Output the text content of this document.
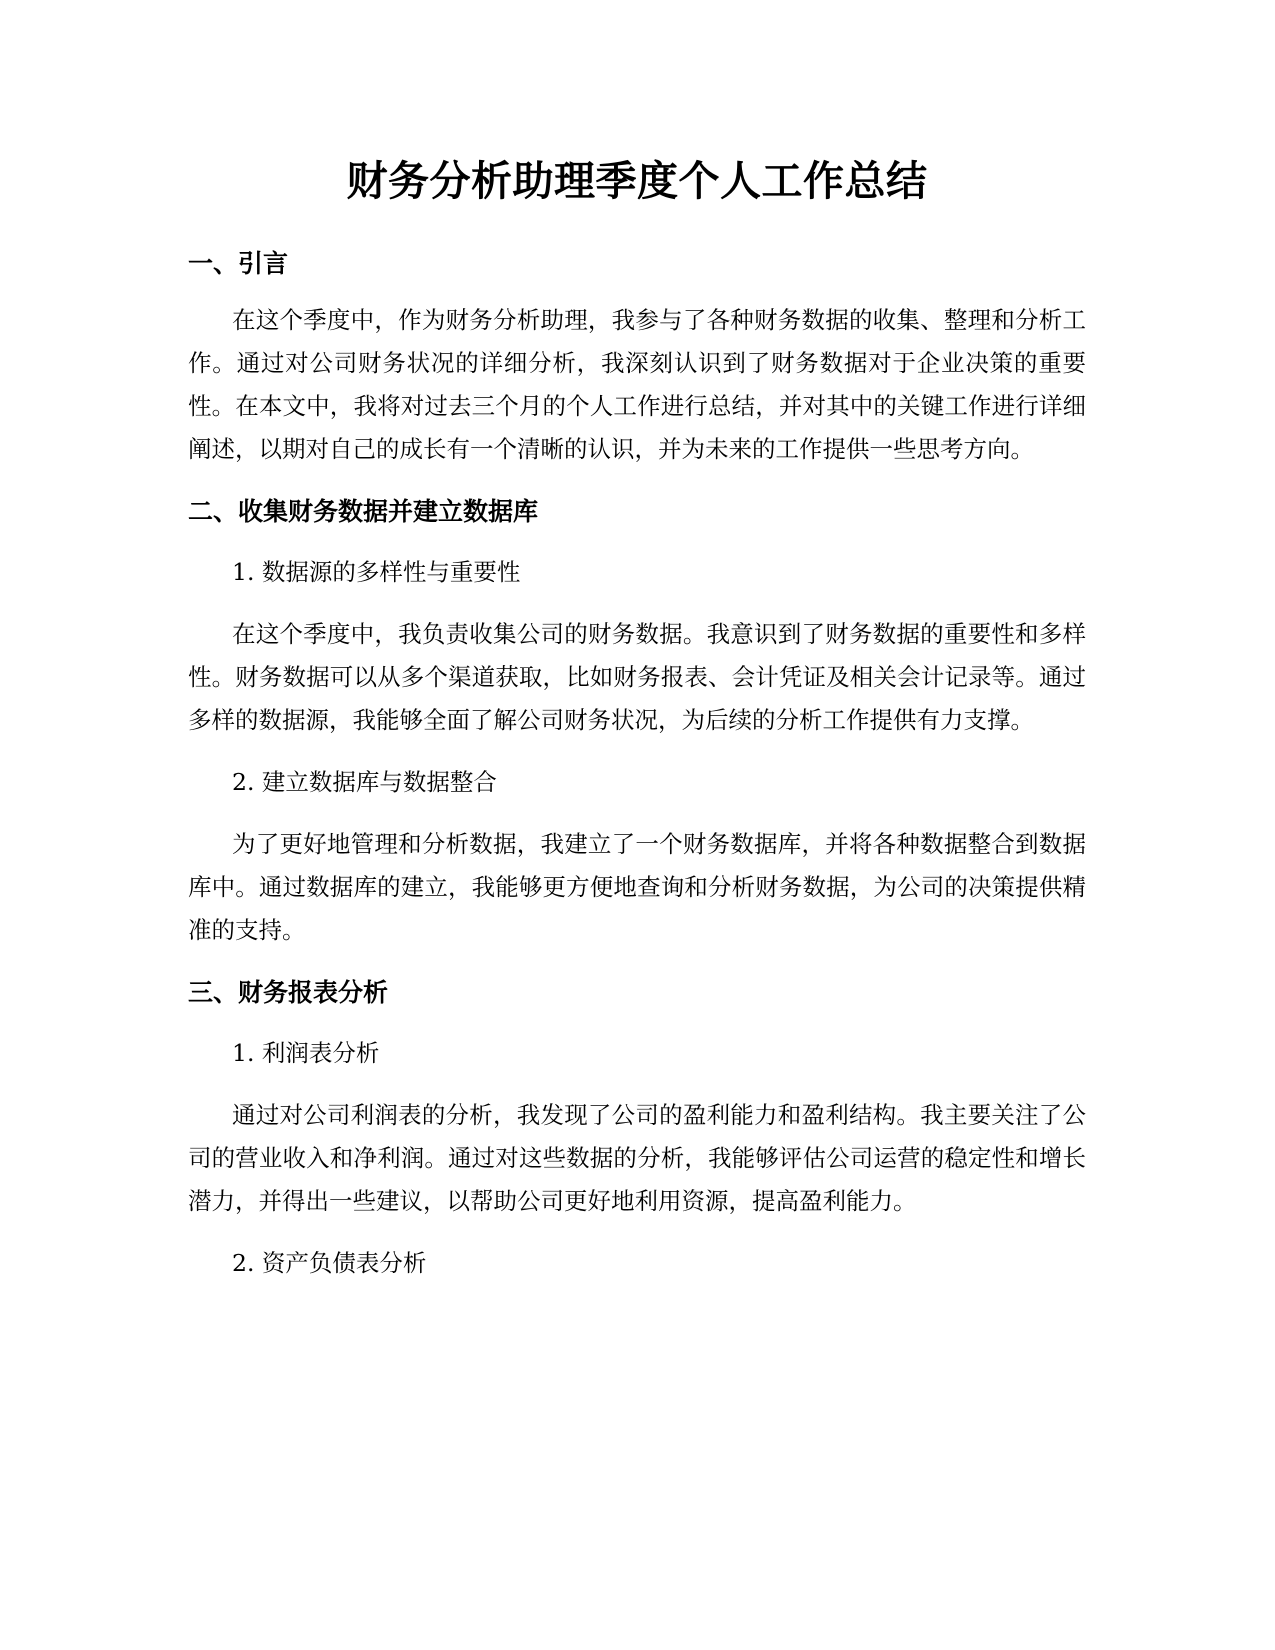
财务分析助理季度个人工作总结
一、引言

在这个季度中，作为财务分析助理，我参与了各种财务数据的收集、整理和分析工作。通过对公司财务状况的详细分析，我深刻认识到了财务数据对于企业决策的重要性。在本文中，我将对过去三个月的个人工作进行总结，并对其中的关键工作进行详细阐述，以期对自己的成长有一个清晰的认识，并为未来的工作提供一些思考方向。

二、收集财务数据并建立数据库
1. 数据源的多样性与重要性

在这个季度中，我负责收集公司的财务数据。我意识到了财务数据的重要性和多样性。财务数据可以从多个渠道获取，比如财务报表、会计凭证及相关会计记录等。通过多样的数据源，我能够全面了解公司财务状况，为后续的分析工作提供有力支撑。

2. 建立数据库与数据整合

为了更好地管理和分析数据，我建立了一个财务数据库，并将各种数据整合到数据库中。通过数据库的建立，我能够更方便地查询和分析财务数据，为公司的决策提供精准的支持。

三、财务报表分析
1. 利润表分析

通过对公司利润表的分析，我发现了公司的盈利能力和盈利结构。我主要关注了公司的营业收入和净利润。通过对这些数据的分析，我能够评估公司运营的稳定性和增长潜力，并得出一些建议，以帮助公司更好地利用资源，提高盈利能力。

2. 资产负债表分析
